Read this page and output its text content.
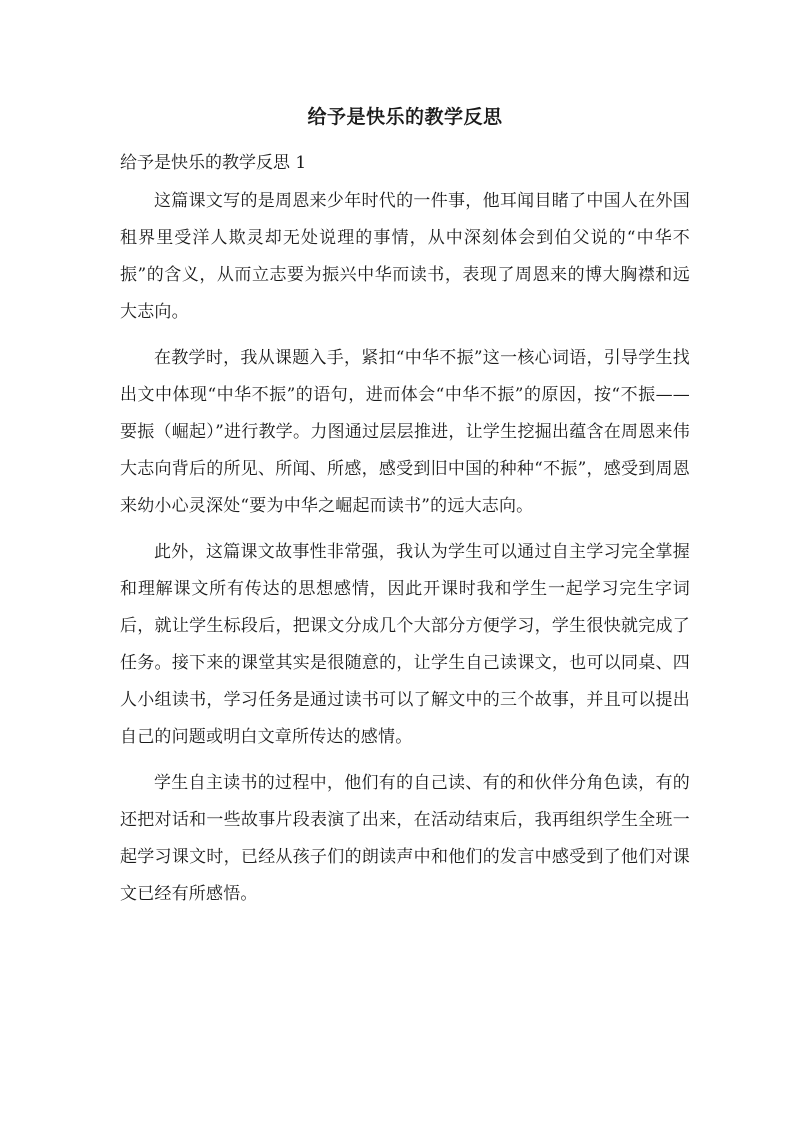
给予是快乐的教学反思
给予是快乐的教学反思 1

这篇课文写的是周恩来少年时代的一件事，他耳闻目睹了中国人在外国租界里受洋人欺灵却无处说理的事情，从中深刻体会到伯父说的“中华不振”的含义，从而立志要为振兴中华而读书，表现了周恩来的博大胸襟和远大志向。

在教学时，我从课题入手，紧扣“中华不振”这一核心词语，引导学生找出文中体现“中华不振”的语句，进而体会“中华不振”的原因，按“不振——要振（崛起）”进行教学。力图通过层层推进，让学生挖掘出蕴含在周恩来伟大志向背后的所见、所闻、所感，感受到旧中国的种种“不振”，感受到周恩来幼小心灵深处“要为中华之崛起而读书”的远大志向。

此外，这篇课文故事性非常强，我认为学生可以通过自主学习完全掌握和理解课文所有传达的思想感情，因此开课时我和学生一起学习完生字词后，就让学生标段后，把课文分成几个大部分方便学习，学生很快就完成了任务。接下来的课堂其实是很随意的，让学生自己读课文，也可以同桌、四人小组读书，学习任务是通过读书可以了解文中的三个故事，并且可以提出自己的问题或明白文章所传达的感情。

学生自主读书的过程中，他们有的自己读、有的和伙伴分角色读，有的还把对话和一些故事片段表演了出来，在活动结束后，我再组织学生全班一起学习课文时，已经从孩子们的朗读声中和他们的发言中感受到了他们对课文已经有所感悟。
